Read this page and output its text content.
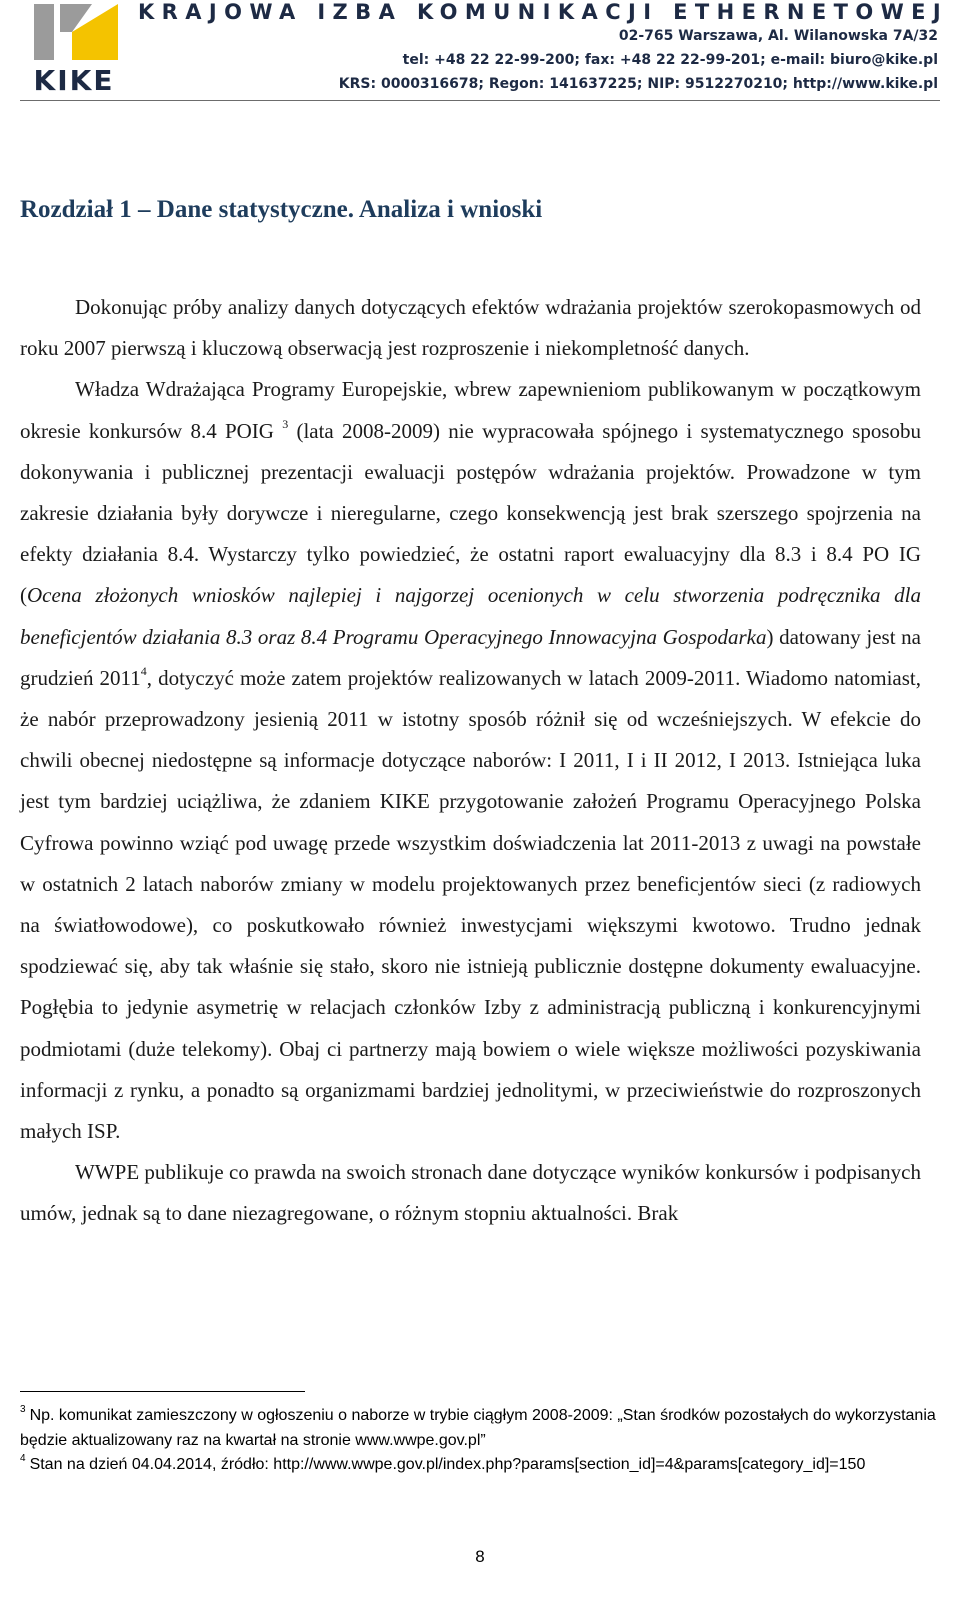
KIKE
KRAJOWA IZBA KOMUNIKACJI ETHERNETOWEJ
02-765 Warszawa, Al. Wilanowska 7A/32
tel: +48 22 22-99-200; fax: +48 22 22-99-201; e-mail: biuro@kike.pl
KRS: 0000316678; Regon: 141637225; NIP: 9512270210; http://www.kike.pl
Rozdział 1 – Dane statystyczne. Analiza i wnioski

Dokonując próby analizy danych dotyczących efektów wdrażania projektów szerokopasmowych od roku 2007 pierwszą i kluczową obserwacją jest rozproszenie i niekompletność danych.

Władza Wdrażająca Programy Europejskie, wbrew zapewnieniom publikowanym w początkowym okresie konkursów 8.4 POIG $^3$ (lata 2008-2009) nie wypracowała spójnego i systematycznego sposobu dokonywania i publicznej prezentacji ewaluacji postępów wdrażania projektów. Prowadzone w tym zakresie działania były dorywcze i nieregularne, czego konsekwencją jest brak szerszego spojrzenia na efekty działania 8.4. Wystarczy tylko powiedzieć, że ostatni raport ewaluacyjny dla 8.3 i 8.4 PO IG (Ocena złożonych wniosków najlepiej i najgorzej ocenionych w celu stworzenia podręcznika dla beneficjentów działania 8.3 oraz 8.4 Programu Operacyjnego Innowacyjna Gospodarka) datowany jest na grudzień 2011$^4$, dotyczyć może zatem projektów realizowanych w latach 2009-2011. Wiadomo natomiast, że nabór przeprowadzony jesienią 2011 w istotny sposób różnił się od wcześniejszych. W efekcie do chwili obecnej niedostępne są informacje dotyczące naborów: I 2011, I i II 2012, I 2013. Istniejąca luka jest tym bardziej uciążliwa, że zdaniem KIKE przygotowanie założeń Programu Operacyjnego Polska Cyfrowa powinno wziąć pod uwagę przede wszystkim doświadczenia lat 2011-2013 z uwagi na powstałe w ostatnich 2 latach naborów zmiany w modelu projektowanych przez beneficjentów sieci (z radiowych na światłowodowe), co poskutkowało również inwestycjami większymi kwotowo. Trudno jednak spodziewać się, aby tak właśnie się stało, skoro nie istnieją publicznie dostępne dokumenty ewaluacyjne. Pogłębia to jedynie asymetrię w relacjach członków Izby z administracją publiczną i konkurencyjnymi podmiotami (duże telekomy). Obaj ci partnerzy mają bowiem o wiele większe możliwości pozyskiwania informacji z rynku, a ponadto są organizmami bardziej jednolitymi, w przeciwieństwie do rozproszonych małych ISP.

WWPE publikuje co prawda na swoich stronach dane dotyczące wyników konkursów i podpisanych umów, jednak są to dane niezagregowane, o różnym stopniu aktualności. Brak

$^3$ Np. komunikat zamieszczony w ogłoszeniu o naborze w trybie ciągłym 2008-2009: „Stan środków pozostałych do wykorzystania będzie aktualizowany raz na kwartał na stronie www.wwpe.gov.pl”
$^4$ Stan na dzień 04.04.2014, źródło: http://www.wwpe.gov.pl/index.php?params[section_id]=4&params[category_id]=150
8
